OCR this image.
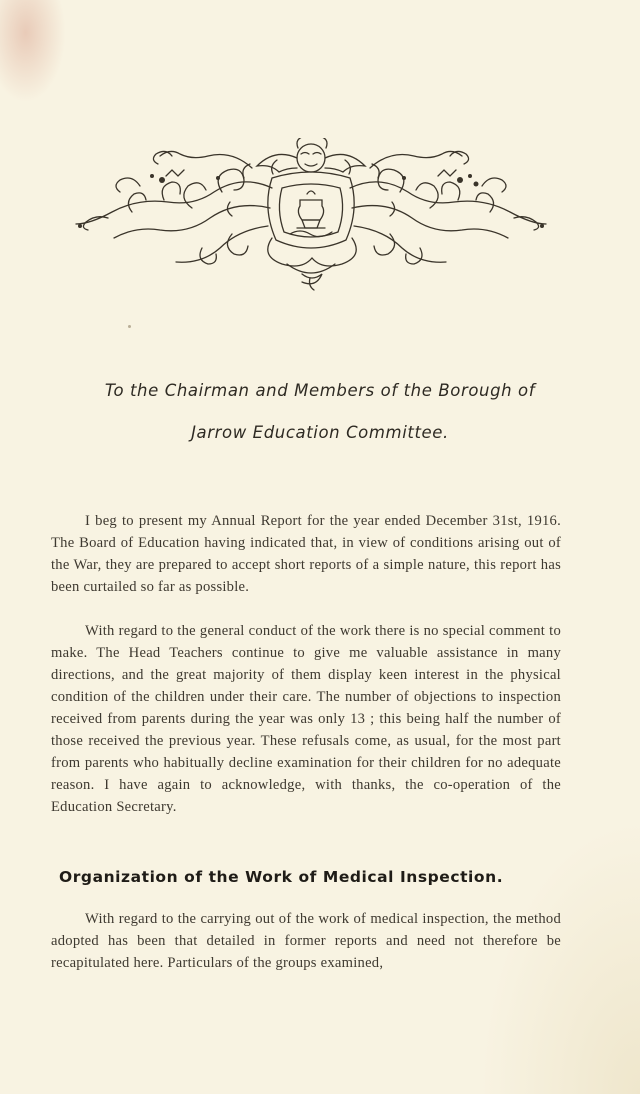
To the Chairman and Members of the Borough of

Jarrow Education Committee.

I beg to present my Annual Report for the year ended December 31st, 1916. The Board of Education having indicated that, in view of conditions arising out of the War, they are prepared to accept short reports of a simple nature, this report has been curtailed so far as possible.

With regard to the general conduct of the work there is no special comment to make. The Head Teachers continue to give me valuable assistance in many directions, and the great majority of them display keen interest in the physical condition of the children under their care. The number of objections to inspection received from parents during the year was only 13 ; this being half the number of those received the previous year. These refusals come, as usual, for the most part from parents who habitually decline examination for their children for no adequate reason. I have again to acknowledge, with thanks, the co-operation of the Education Secretary.

Organization of the Work of Medical Inspection.

With regard to the carrying out of the work of medical inspection, the method adopted has been that detailed in former reports and need not therefore be recapitulated here. Particulars of the groups examined,
